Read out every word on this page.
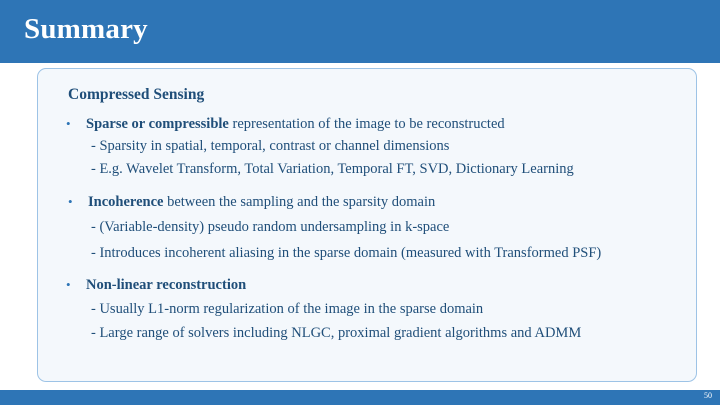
Summary
Compressed Sensing
• Sparse or compressible representation of the image to be reconstructed
- Sparsity in spatial, temporal, contrast or channel dimensions
- E.g. Wavelet Transform, Total Variation, Temporal FT, SVD, Dictionary Learning
• Incoherence between the sampling and the sparsity domain
- (Variable-density) pseudo random undersampling in k-space
- Introduces incoherent aliasing in the sparse domain (measured with Transformed PSF)
• Non-linear reconstruction
- Usually L1-norm regularization of the image in the sparse domain
- Large range of solvers including NLGC, proximal gradient algorithms and ADMM
50
